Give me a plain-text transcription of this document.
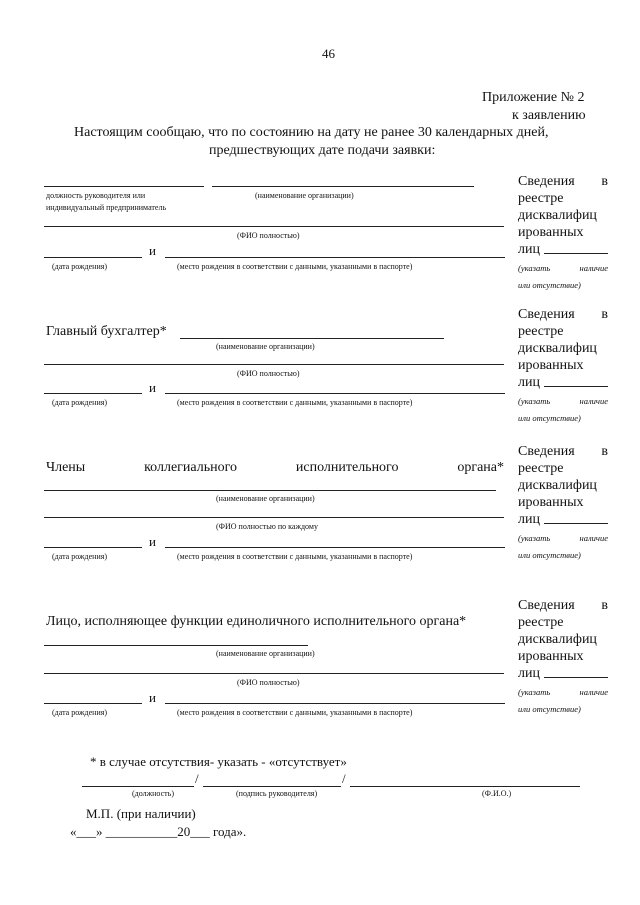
46
Приложение № 2
к заявлению
Настоящим сообщаю, что по состоянию на дату не ранее 30 календарных дней,
предшествующих дате подачи заявки:
должность руководителя или
индивидуальный предприниматель
(наименование организации)
(ФИО полностью)
и
(дата рождения)	(место рождения в соответствии с данными, указанными в паспорте)
Сведения в
реестре
дисквалифиц
ированных
лиц
(указать	наличие
или отсутствие)
Главный бухгалтер*
(наименование организации)
(ФИО полностью)
и
(дата рождения)	(место рождения в соответствии с данными, указанными в паспорте)
Сведения в
реестре
дисквалифиц
ированных
лиц
(указать	наличие
или отсутствие)
Члены	коллегиального	исполнительного	органа*
(наименование организации)
(ФИО полностью по каждому
и
(дата рождения)	(место рождения в соответствии с данными, указанными в паспорте)
Сведения в
реестре
дисквалифиц
ированных
лиц
(указать	наличие
или отсутствие)
Лицо, исполняющее функции единоличного исполнительного органа*
(наименование организации)
(ФИО полностью)
и
(дата рождения)	(место рождения в соответствии с данными, указанными в паспорте)
Сведения в
реестре
дисквалифиц
ированных
лиц
(указать	наличие
или отсутствие)
* в случае отсутствия- указать - «отсутствует»
/	/
(должность)	(подпись руководителя)	(Ф.И.О.)
М.П. (при наличии)
«___» ___________20___ года».
